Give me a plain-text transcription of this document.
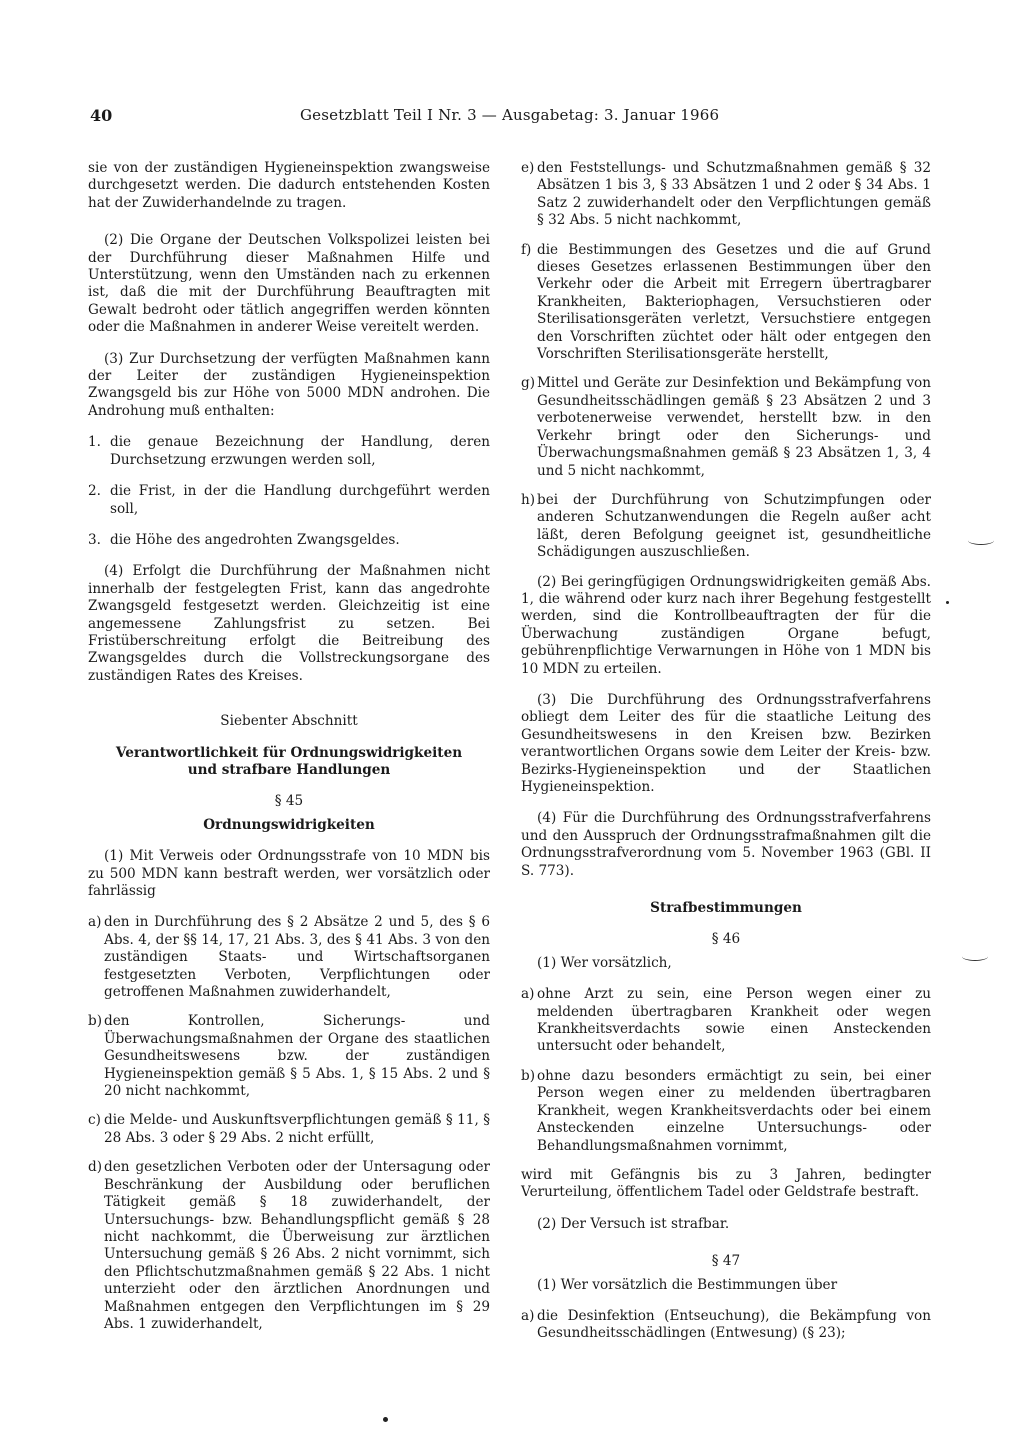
40	Gesetzblatt Teil I Nr. 3 — Ausgabetag: 3. Januar 1966

sie von der zuständigen Hygieneinspektion zwangsweise durchgesetzt werden. Die dadurch entstehenden Kosten hat der Zuwiderhandelnde zu tragen.

(2) Die Organe der Deutschen Volkspolizei leisten bei der Durchführung dieser Maßnahmen Hilfe und Unterstützung, wenn den Umständen nach zu erkennen ist, daß die mit der Durchführung Beauftragten mit Gewalt bedroht oder tätlich angegriffen werden könnten oder die Maßnahmen in anderer Weise vereitelt werden.

(3) Zur Durchsetzung der verfügten Maßnahmen kann der Leiter der zuständigen Hygieneinspektion Zwangsgeld bis zur Höhe von 5000 MDN androhen. Die Androhung muß enthalten:

1. die genaue Bezeichnung der Handlung, deren Durchsetzung erzwungen werden soll,
2. die Frist, in der die Handlung durchgeführt werden soll,
3. die Höhe des angedrohten Zwangsgeldes.

(4) Erfolgt die Durchführung der Maßnahmen nicht innerhalb der festgelegten Frist, kann das angedrohte Zwangsgeld festgesetzt werden. Gleichzeitig ist eine angemessene Zahlungsfrist zu setzen. Bei Fristüberschreitung erfolgt die Beitreibung des Zwangsgeldes durch die Vollstreckungsorgane des zuständigen Rates des Kreises.

Siebenter Abschnitt
Verantwortlichkeit für Ordnungswidrigkeiten
und strafbare Handlungen
§ 45
Ordnungswidrigkeiten

(1) Mit Verweis oder Ordnungsstrafe von 10 MDN bis zu 500 MDN kann bestraft werden, wer vorsätzlich oder fahrlässig

a) den in Durchführung des § 2 Absätze 2 und 5, des § 6 Abs. 4, der §§ 14, 17, 21 Abs. 3, des § 41 Abs. 3 von den zuständigen Staats- und Wirtschaftsorganen festgesetzten Verboten, Verpflichtungen oder getroffenen Maßnahmen zuwiderhandelt,
b) den Kontrollen, Sicherungs- und Überwachungsmaßnahmen der Organe des staatlichen Gesundheitswesens bzw. der zuständigen Hygieneinspektion gemäß § 5 Abs. 1, § 15 Abs. 2 und § 20 nicht nachkommt,
c) die Melde- und Auskunftsverpflichtungen gemäß § 11, § 28 Abs. 3 oder § 29 Abs. 2 nicht erfüllt,
d) den gesetzlichen Verboten oder der Untersagung oder Beschränkung der Ausbildung oder beruflichen Tätigkeit gemäß § 18 zuwiderhandelt, der Untersuchungs- bzw. Behandlungspflicht gemäß § 28 nicht nachkommt, die Überweisung zur ärztlichen Untersuchung gemäß § 26 Abs. 2 nicht vornimmt, sich den Pflichtschutzmaßnahmen gemäß § 22 Abs. 1 nicht unterzieht oder den ärztlichen Anordnungen und Maßnahmen entgegen den Verpflichtungen im § 29 Abs. 1 zuwiderhandelt,
e) den Feststellungs- und Schutzmaßnahmen gemäß § 32 Absätzen 1 bis 3, § 33 Absätzen 1 und 2 oder § 34 Abs. 1 Satz 2 zuwiderhandelt oder den Verpflichtungen gemäß § 32 Abs. 5 nicht nachkommt,
f) die Bestimmungen des Gesetzes und die auf Grund dieses Gesetzes erlassenen Bestimmungen über den Verkehr oder die Arbeit mit Erregern übertragbarer Krankheiten, Bakteriophagen, Versuchstieren oder Sterilisationsgeräten verletzt, Versuchstiere entgegen den Vorschriften züchtet oder hält oder entgegen den Vorschriften Sterilisationsgeräte herstellt,
g) Mittel und Geräte zur Desinfektion und Bekämpfung von Gesundheitsschädlingen gemäß § 23 Absätzen 2 und 3 verbotenerweise verwendet, herstellt bzw. in den Verkehr bringt oder den Sicherungs- und Überwachungsmaßnahmen gemäß § 23 Absätzen 1, 3, 4 und 5 nicht nachkommt,
h) bei der Durchführung von Schutzimpfungen oder anderen Schutzanwendungen die Regeln außer acht läßt, deren Befolgung geeignet ist, gesundheitliche Schädigungen auszuschließen.

(2) Bei geringfügigen Ordnungswidrigkeiten gemäß Abs. 1, die während oder kurz nach ihrer Begehung festgestellt werden, sind die Kontrollbeauftragten der für die Überwachung zuständigen Organe befugt, gebührenpflichtige Verwarnungen in Höhe von 1 MDN bis 10 MDN zu erteilen.

(3) Die Durchführung des Ordnungsstrafverfahrens obliegt dem Leiter des für die staatliche Leitung des Gesundheitswesens in den Kreisen bzw. Bezirken verantwortlichen Organs sowie dem Leiter der Kreis- bzw. Bezirks-Hygieneinspektion und der Staatlichen Hygieneinspektion.

(4) Für die Durchführung des Ordnungsstrafverfahrens und den Ausspruch der Ordnungsstrafmaßnahmen gilt die Ordnungsstrafverordnung vom 5. November 1963 (GBl. II S. 773).

Strafbestimmungen
§ 46

(1) Wer vorsätzlich,

a) ohne Arzt zu sein, eine Person wegen einer zu meldenden übertragbaren Krankheit oder wegen Krankheitsverdachts sowie einen Ansteckenden untersucht oder behandelt,
b) ohne dazu besonders ermächtigt zu sein, bei einer Person wegen einer zu meldenden übertragbaren Krankheit, wegen Krankheitsverdachts oder bei einem Ansteckenden einzelne Untersuchungs- oder Behandlungsmaßnahmen vornimmt,

wird mit Gefängnis bis zu 3 Jahren, bedingter Verurteilung, öffentlichem Tadel oder Geldstrafe bestraft.

(2) Der Versuch ist strafbar.

§ 47

(1) Wer vorsätzlich die Bestimmungen über

a) die Desinfektion (Entseuchung), die Bekämpfung von Gesundheitsschädlingen (Entwesung) (§ 23);
